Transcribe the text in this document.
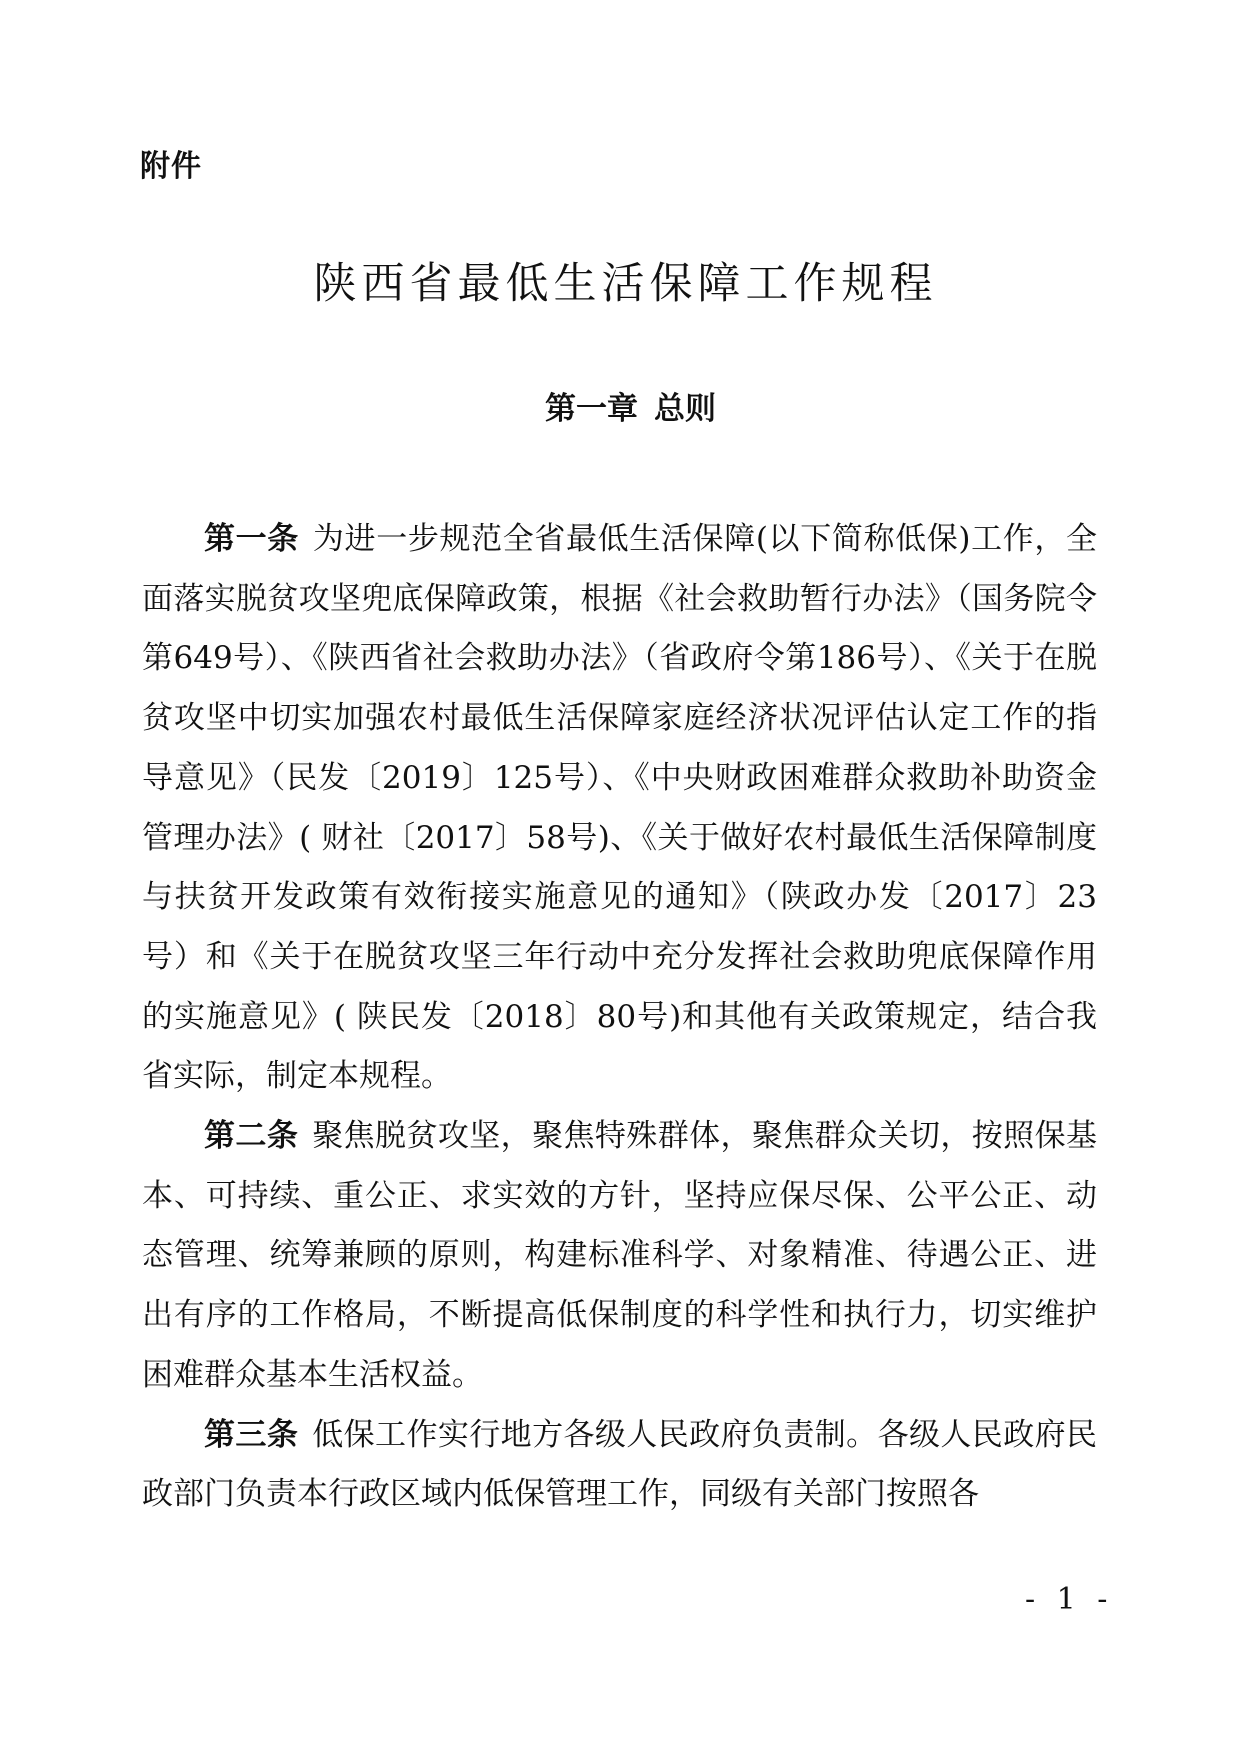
附件
陕西省最低生活保障工作规程
第一章 总则

第一条 为进一步规范全省最低生活保障(以下简称低保)工作，全面落实脱贫攻坚兜底保障政策，根据《社会救助暂行办法》（国务院令第649号）、《陕西省社会救助办法》（省政府令第186号）、《关于在脱贫攻坚中切实加强农村最低生活保障家庭经济状况评估认定工作的指导意见》（民发〔2019〕125号）、《中央财政困难群众救助补助资金管理办法》( 财社〔2017〕58号)、《关于做好农村最低生活保障制度与扶贫开发政策有效衔接实施意见的通知》（陕政办发〔2017〕23号）和《关于在脱贫攻坚三年行动中充分发挥社会救助兜底保障作用的实施意见》( 陕民发〔2018〕80号)和其他有关政策规定，结合我省实际，制定本规程。

第二条 聚焦脱贫攻坚，聚焦特殊群体，聚焦群众关切，按照保基本、可持续、重公正、求实效的方针，坚持应保尽保、公平公正、动态管理、统筹兼顾的原则，构建标准科学、对象精准、待遇公正、进出有序的工作格局，不断提高低保制度的科学性和执行力，切实维护困难群众基本生活权益。

第三条 低保工作实行地方各级人民政府负责制。各级人民政府民政部门负责本行政区域内低保管理工作，同级有关部门按照各

- 1 -
